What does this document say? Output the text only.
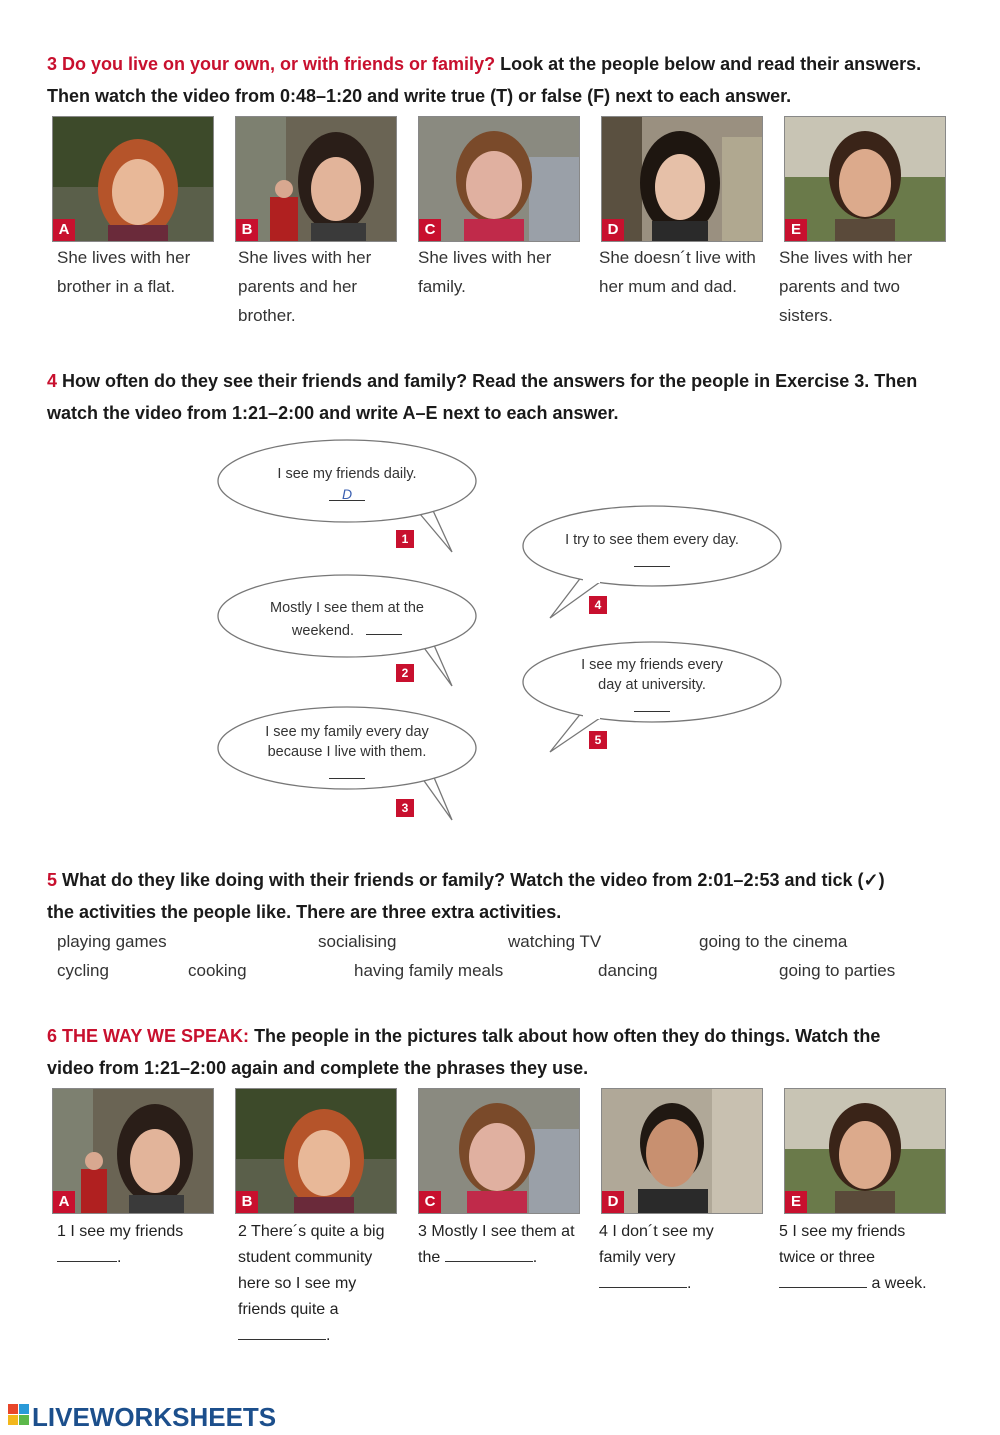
3 Do you live on your own, or with friends or family? Look at the people below and read their answers.
Then watch the video from 0:48–1:20 and write true (T) or false (F) next to each answer.
A	B	C	D	E
She lives with her
brother in a flat.
She lives with her
parents and her
brother.
She lives with her
family.
She doesn´t live with
her mum and dad.
She lives with her
parents and two
sisters.
4 How often do they see their friends and family? Read the answers for the people in Exercise 3. Then
watch the video from 1:21–2:00 and write A–E next to each answer.
I see my friends daily.
D
1
Mostly I see them at the
weekend.
2
I see my family every day
because I live with them.
3
I try to see them every day.
4
I see my friends every
day at university.
5
5 What do they like doing with their friends or family? Watch the video from 2:01–2:53 and tick (✓)
the activities the people like. There are three extra activities.
playing games	socialising	watching TV	going to the cinema
cycling	cooking	having family meals	dancing	going to parties
6 THE WAY WE SPEAK: The people in the pictures talk about how often they do things. Watch the
video from 1:21–2:00 again and complete the phrases they use.
A	B	C	D	E
1 I see my friends
.
2 There´s quite a big
student community
here so I see my
friends quite a
.
3 Mostly I see them at
the	.
4 I don´t see my
family very
.
5 I see my friends
twice or three
a week.
LIVEWORKSHEETS
